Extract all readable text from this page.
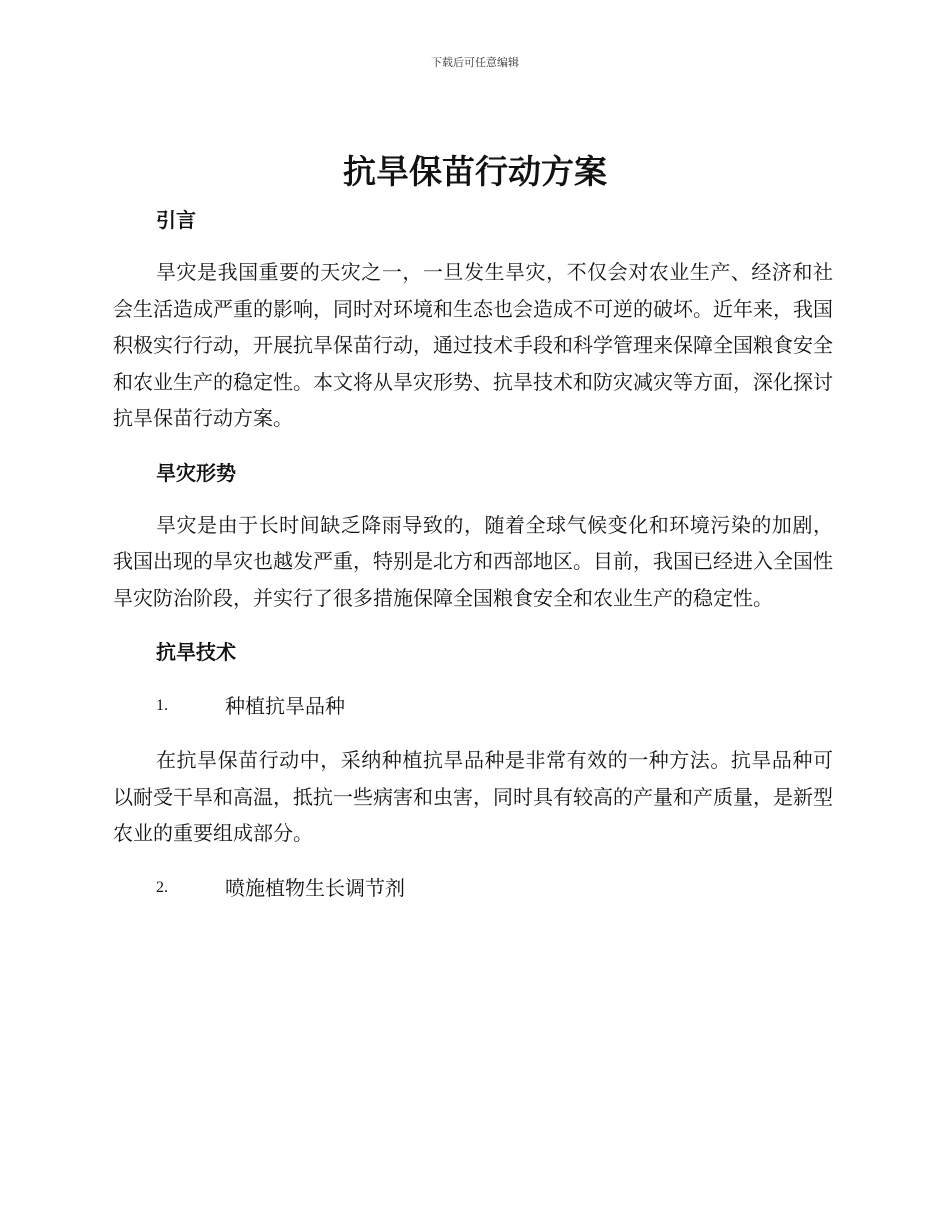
下载后可任意编辑
抗旱保苗行动方案
引言

旱灾是我国重要的天灾之一，一旦发生旱灾，不仅会对农业生产、经济和社会生活造成严重的影响，同时对环境和生态也会造成不可逆的破坏。近年来，我国积极实行行动，开展抗旱保苗行动，通过技术手段和科学管理来保障全国粮食安全和农业生产的稳定性。本文将从旱灾形势、抗旱技术和防灾减灾等方面，深化探讨抗旱保苗行动方案。

旱灾形势

旱灾是由于长时间缺乏降雨导致的，随着全球气候变化和环境污染的加剧，我国出现的旱灾也越发严重，特别是北方和西部地区。目前，我国已经进入全国性旱灾防治阶段，并实行了很多措施保障全国粮食安全和农业生产的稳定性。

抗旱技术
1.	种植抗旱品种

在抗旱保苗行动中，采纳种植抗旱品种是非常有效的一种方法。抗旱品种可以耐受干旱和高温，抵抗一些病害和虫害，同时具有较高的产量和产质量，是新型农业的重要组成部分。

2.	喷施植物生长调节剂
